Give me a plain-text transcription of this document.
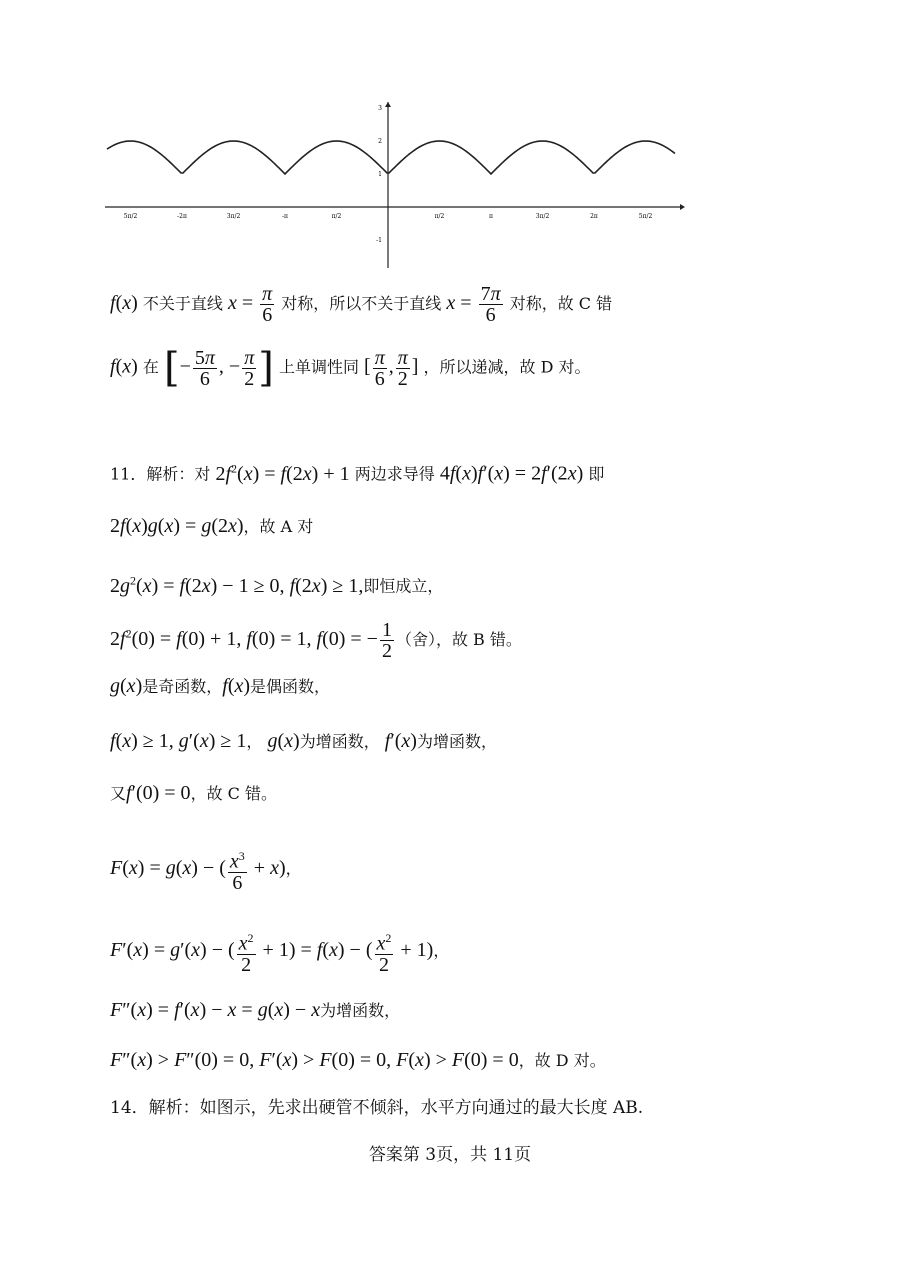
5π/2	-2π	3π/2	-π	π/2	π/2	π	3π/2	2π	5π/2
3
2
1
-1
f(x) 不关于直线 $x = \frac{\pi}{6}$ 对称，所以不关于直线 $x = \frac{7\pi}{6}$ 对称，故 C 错
f(x) 在 [− $\frac{5\pi}{6}$ , − $\frac{\pi}{2}$ ] 上单调性同 [ $\frac{\pi}{6}$ , $\frac{\pi}{2}$ ] ，所以递减，故 D 对。
11．解析：对 $2f^2(x) = f(2x) + 1$ 两边求导得 4f(x)f′(x) = 2f′(2x) 即
2f(x)g(x) = g(2x)，故 A 对
$2g^2(x) = f(2x) - 1 \ge 0$, f(2x) ≥ 1,即恒成立，
$2f^2(0) = f(0) + 1$, f(0) = 1, f(0) = − $\frac{1}{2}$ （舍），故 B 错。
g(x)是奇函数，f(x)是偶函数，
f(x) ≥ 1, g′(x) ≥ 1， g(x)为增函数， f′(x)为增函数，
又f′(0) = 0，故 C 错。
F(x) = g(x) − ( $\frac{x^3}{6} + x$)，
F′(x) = g′(x) − ( $\frac{x^2}{2} + 1) = f(x)$ − ( $\frac{x^2}{2} + 1$)，
F″(x) = f′(x) − x = g(x) − x为增函数，
F″(x) > F″(0) = 0, F′(x) > F(0) = 0, F(x) > F(0) = 0，故 D 对。
14．解析：如图示，先求出硬管不倾斜，水平方向通过的最大长度 AB.
答案第 3页，共 11页
